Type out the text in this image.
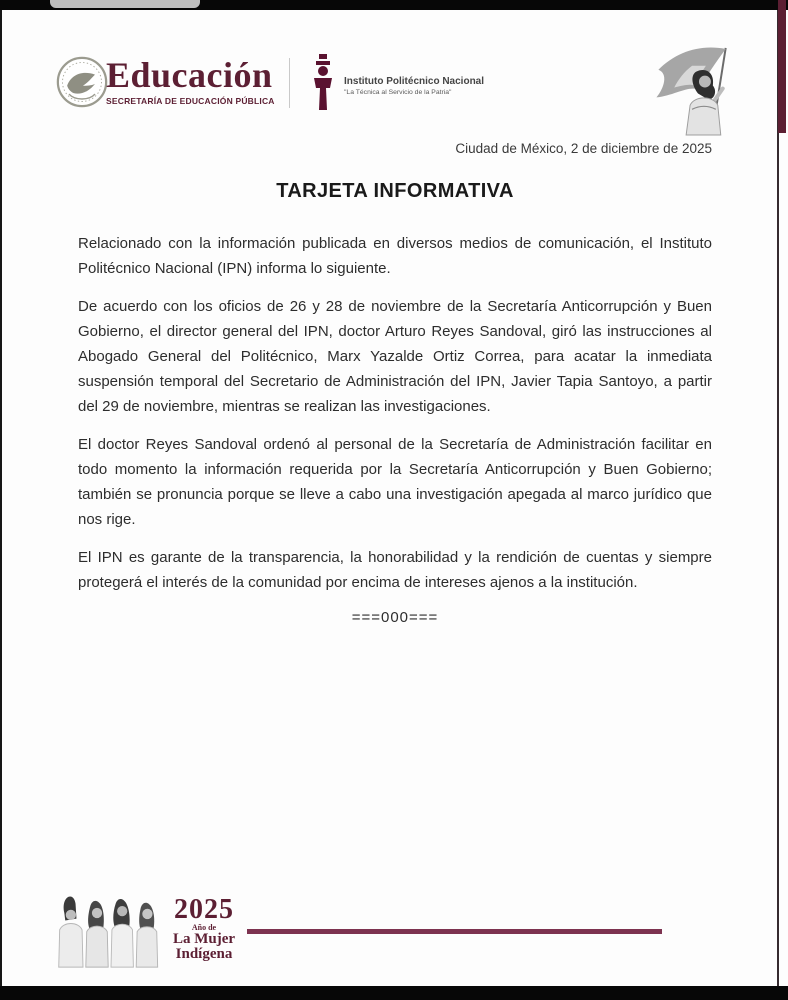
Educación
SECRETARÍA DE EDUCACIÓN PÚBLICA
Instituto Politécnico Nacional
"La Técnica al Servicio de la Patria"
Ciudad de México, 2 de diciembre de 2025
TARJETA INFORMATIVA

Relacionado con la información publicada en diversos medios de comunicación, el Instituto Politécnico Nacional (IPN) informa lo siguiente.

De acuerdo con los oficios de 26 y 28 de noviembre de la Secretaría Anticorrupción y Buen Gobierno, el director general del IPN, doctor Arturo Reyes Sandoval, giró las instrucciones al Abogado General del Politécnico, Marx Yazalde Ortiz Correa, para acatar la inmediata suspensión temporal del Secretario de Administración del IPN, Javier Tapia Santoyo, a partir del 29 de noviembre, mientras se realizan las investigaciones.

El doctor Reyes Sandoval ordenó al personal de la Secretaría de Administración facilitar en todo momento la información requerida por la Secretaría Anticorrupción y Buen Gobierno; también se pronuncia porque se lleve a cabo una investigación apegada al marco jurídico que nos rige.

El IPN es garante de la transparencia, la honorabilidad y la rendición de cuentas y siempre protegerá el interés de la comunidad por encima de intereses ajenos a la institución.

===000===
2025
Año de
La Mujer
Indígena
